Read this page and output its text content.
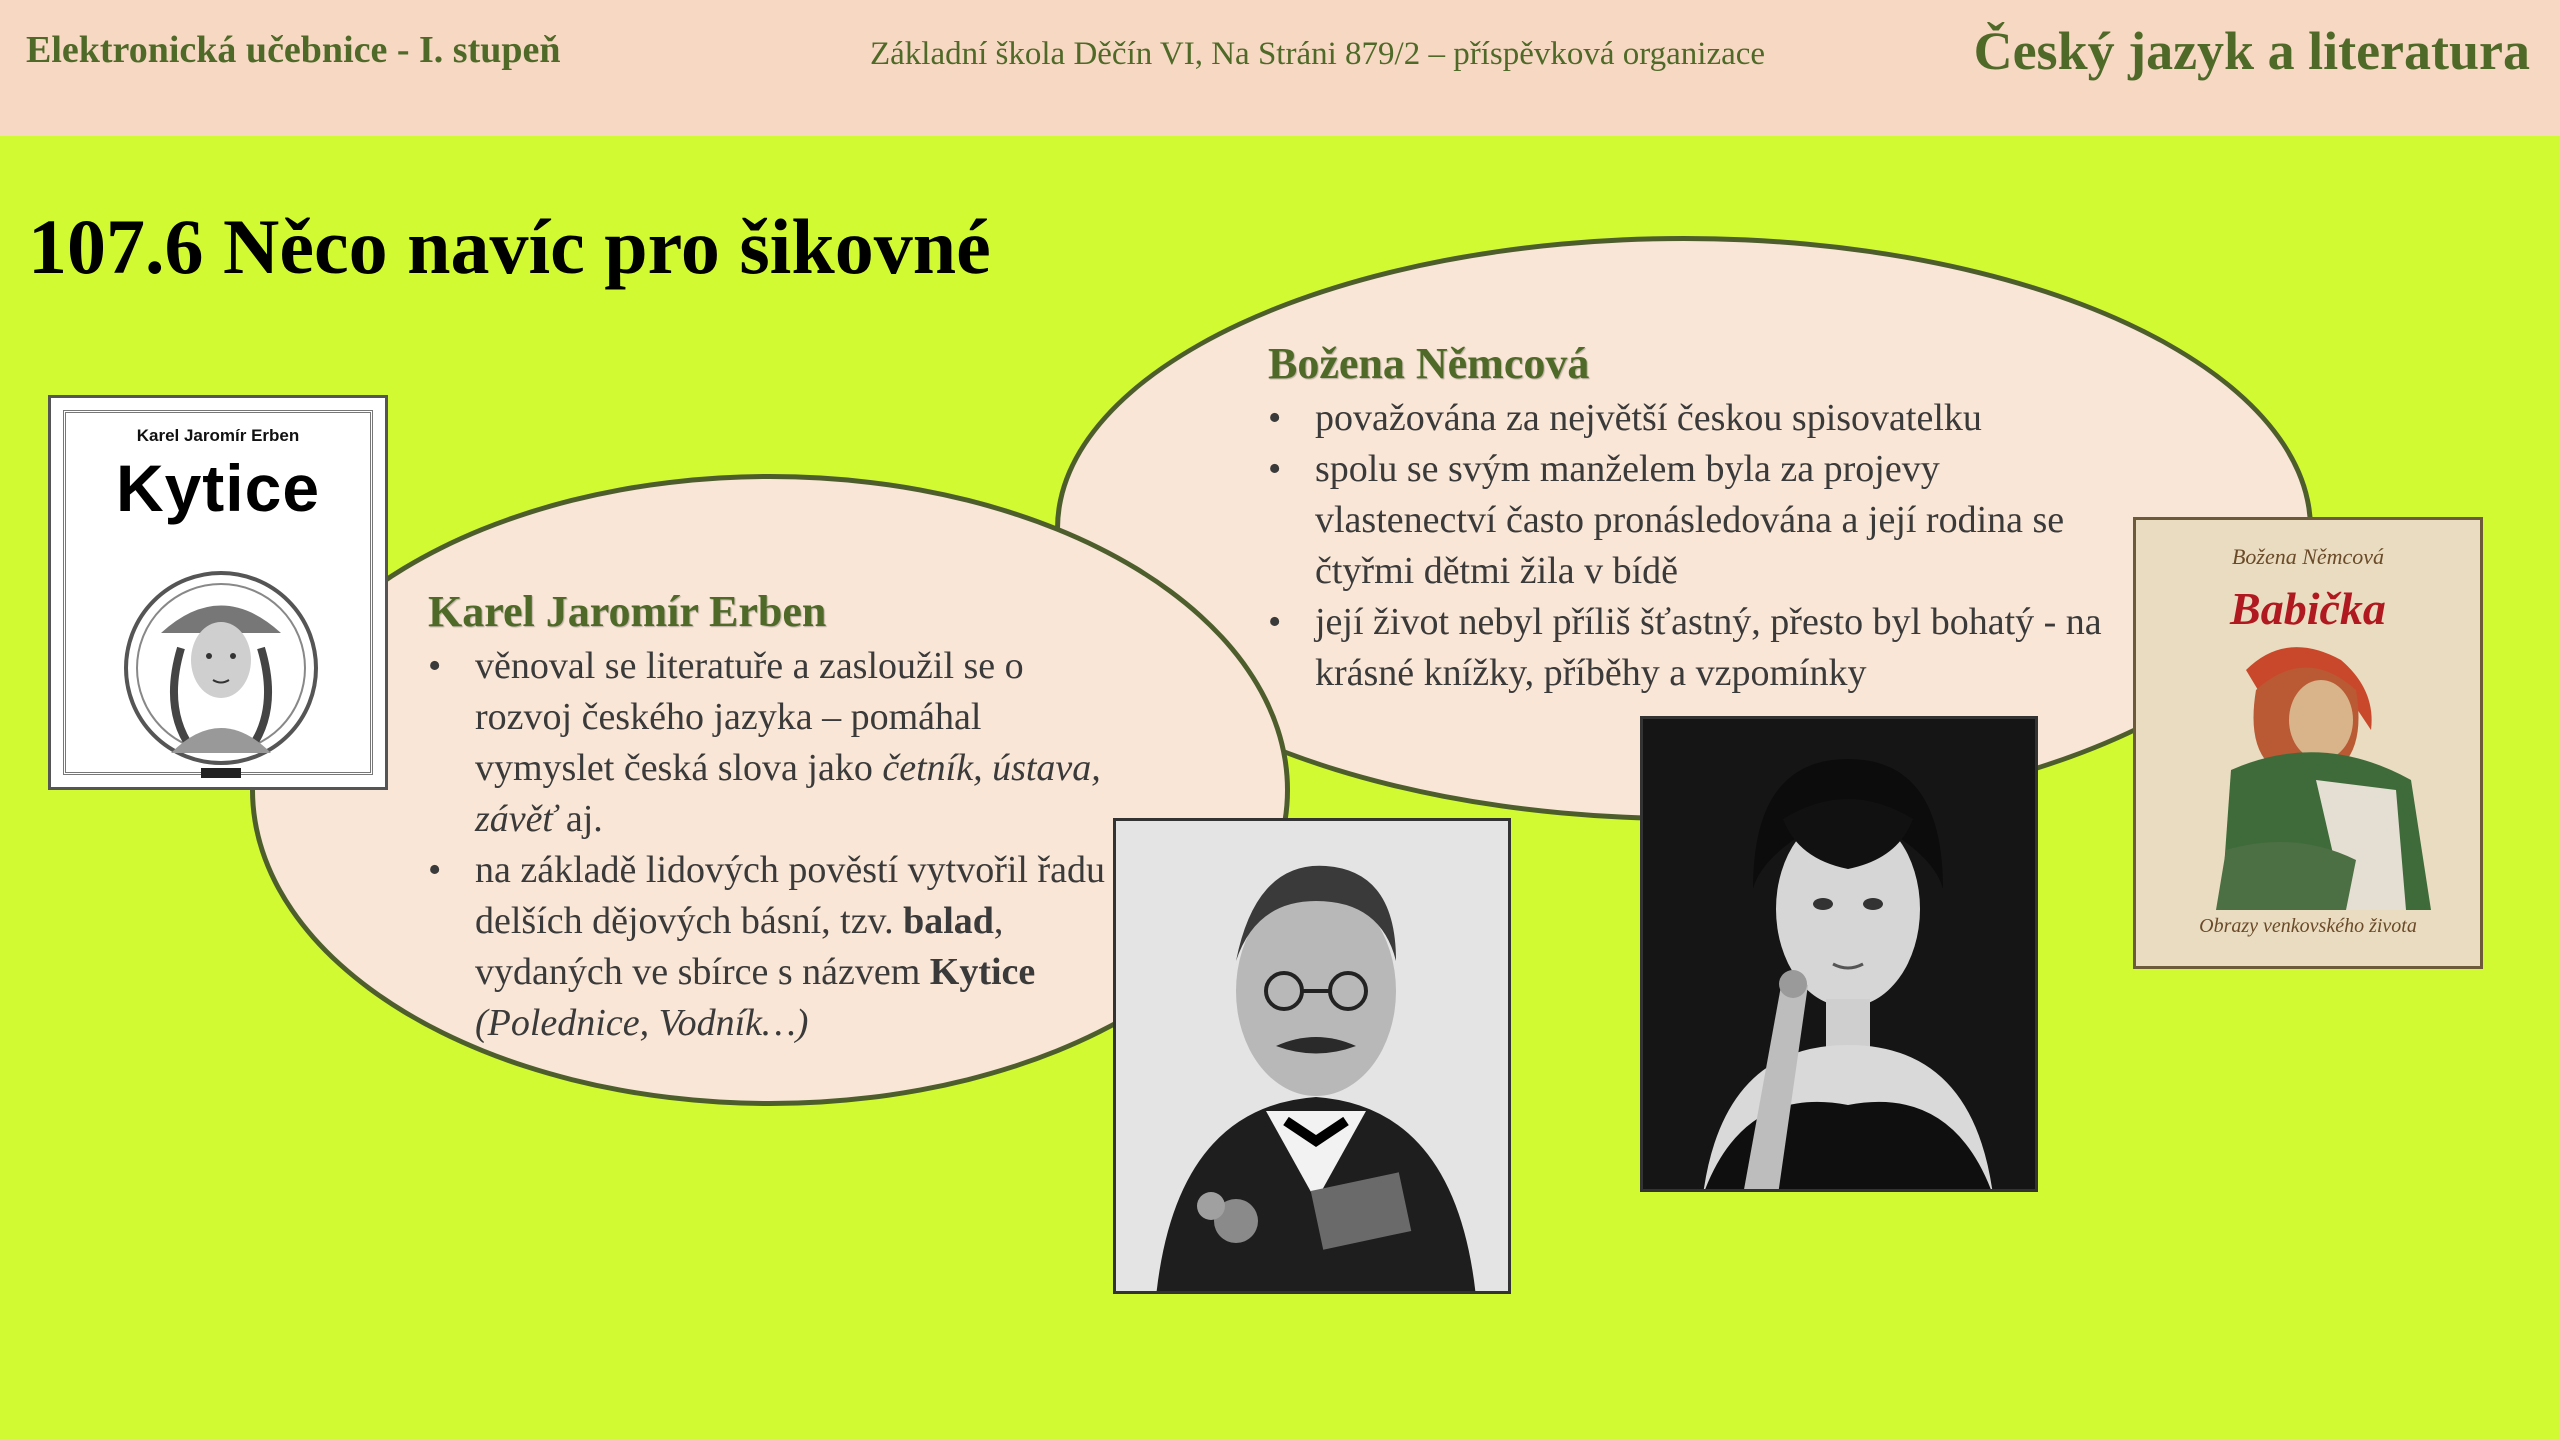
Elektronická učebnice - I. stupeň	Základní škola Děčín VI, Na Stráni 879/2 – příspěvková organizace	Český jazyk a literatura
107.6 Něco navíc pro šikovné
Karel Jaromír Erben
Kytice
Karel Jaromír Erben
• věnoval se literatuře a zasloužil se o rozvoj českého jazyka – pomáhal vymyslet česká slova jako četník, ústava, závěť aj.
• na základě lidových pověstí vytvořil řadu delších dějových básní, tzv. balad, vydaných ve sbírce s názvem Kytice (Polednice, Vodník…)
Božena Němcová
• považována za největší českou spisovatelku
• spolu se svým manželem byla za projevy vlastenectví často pronásledována a její rodina se čtyřmi dětmi žila v bídě
• její život nebyl příliš šťastný, přesto byl bohatý - na krásné knížky, příběhy a vzpomínky
Božena Němcová
Babička
Obrazy venkovského života
